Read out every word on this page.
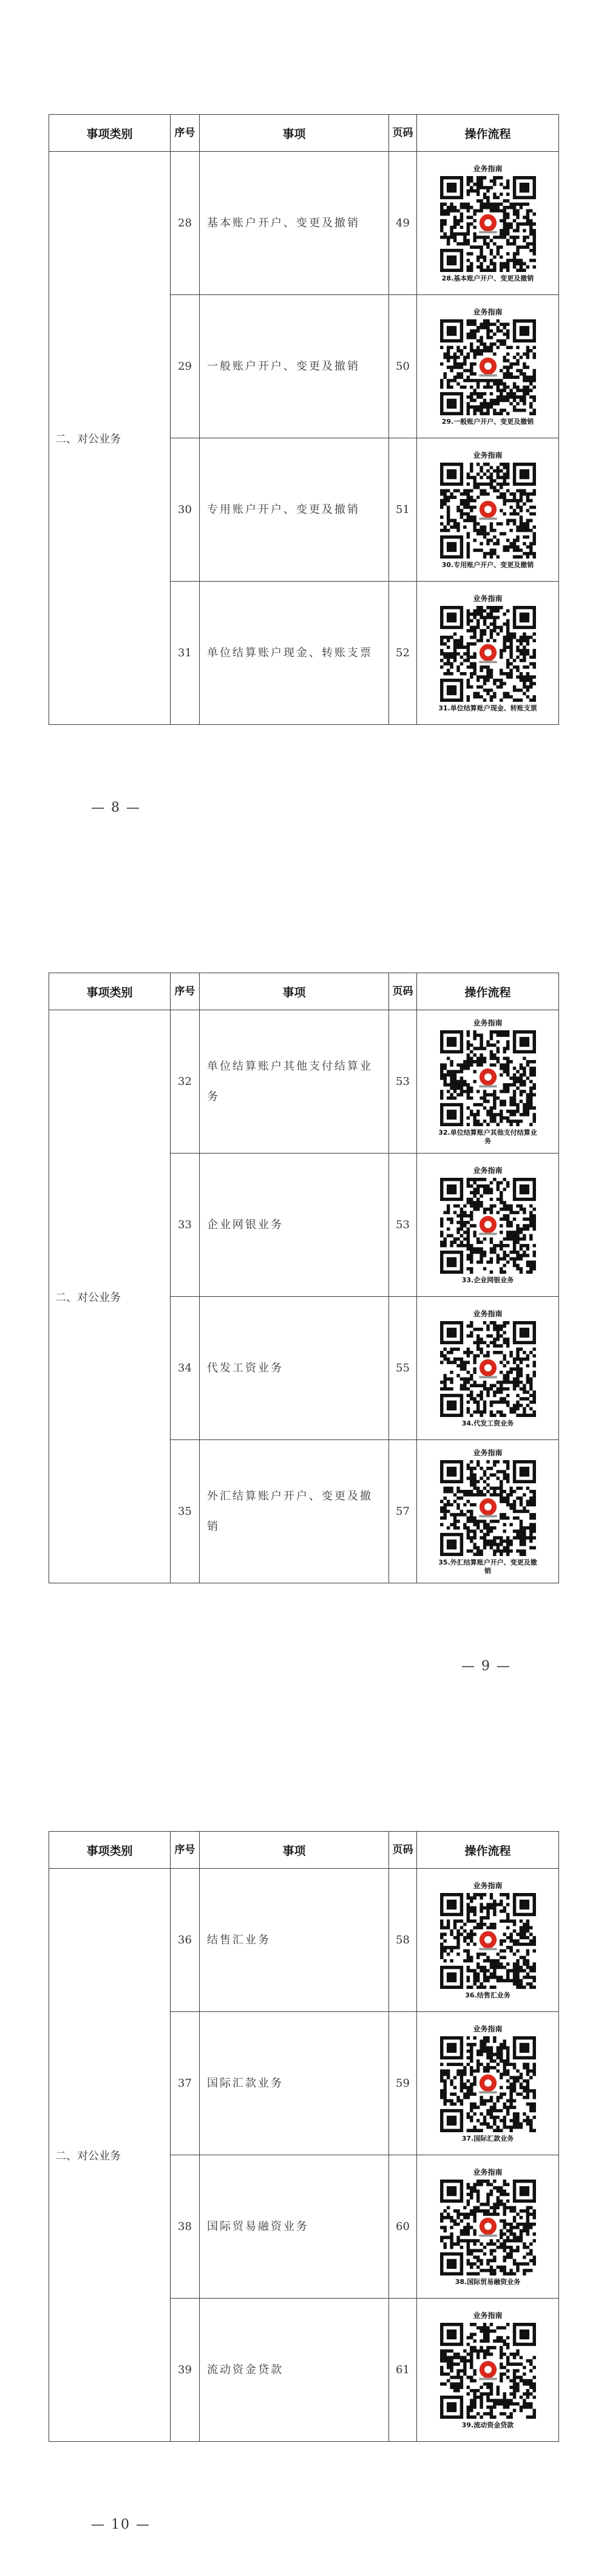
事项类别	序号	事项	页码	操作流程
二、对公业务	28	基本账户开户、变更及撤销	49	业务指南
28.基本账户开户、变更及撤销

	29	一般账户开户、变更及撤销	50	业务指南
29.一般账户开户、变更及撤销

	30	专用账户开户、变更及撤销	51	业务指南
30.专用账户开户、变更及撤销

	31	单位结算账户现金、转账支票	52	业务指南
31.单位结算账户现金、转账支票
— 8 —
事项类别	序号	事项	页码	操作流程
二、对公业务	32	单位结算账户其他支付结算业务	53	业务指南
32.单位结算账户其他支付结算业务

	33	企业网银业务	53	业务指南
33.企业网银业务

	34	代发工资业务	55	业务指南
34.代发工资业务

	35	外汇结算账户开户、变更及撤销	57	业务指南
35.外汇结算账户开户、变更及撤销
— 9 —
事项类别	序号	事项	页码	操作流程
二、对公业务	36	结售汇业务	58	业务指南
36.结售汇业务

	37	国际汇款业务	59	业务指南
37.国际汇款业务

	38	国际贸易融资业务	60	业务指南
38.国际贸易融资业务

	39	流动资金贷款	61	业务指南
39.流动资金贷款
— 10 —
